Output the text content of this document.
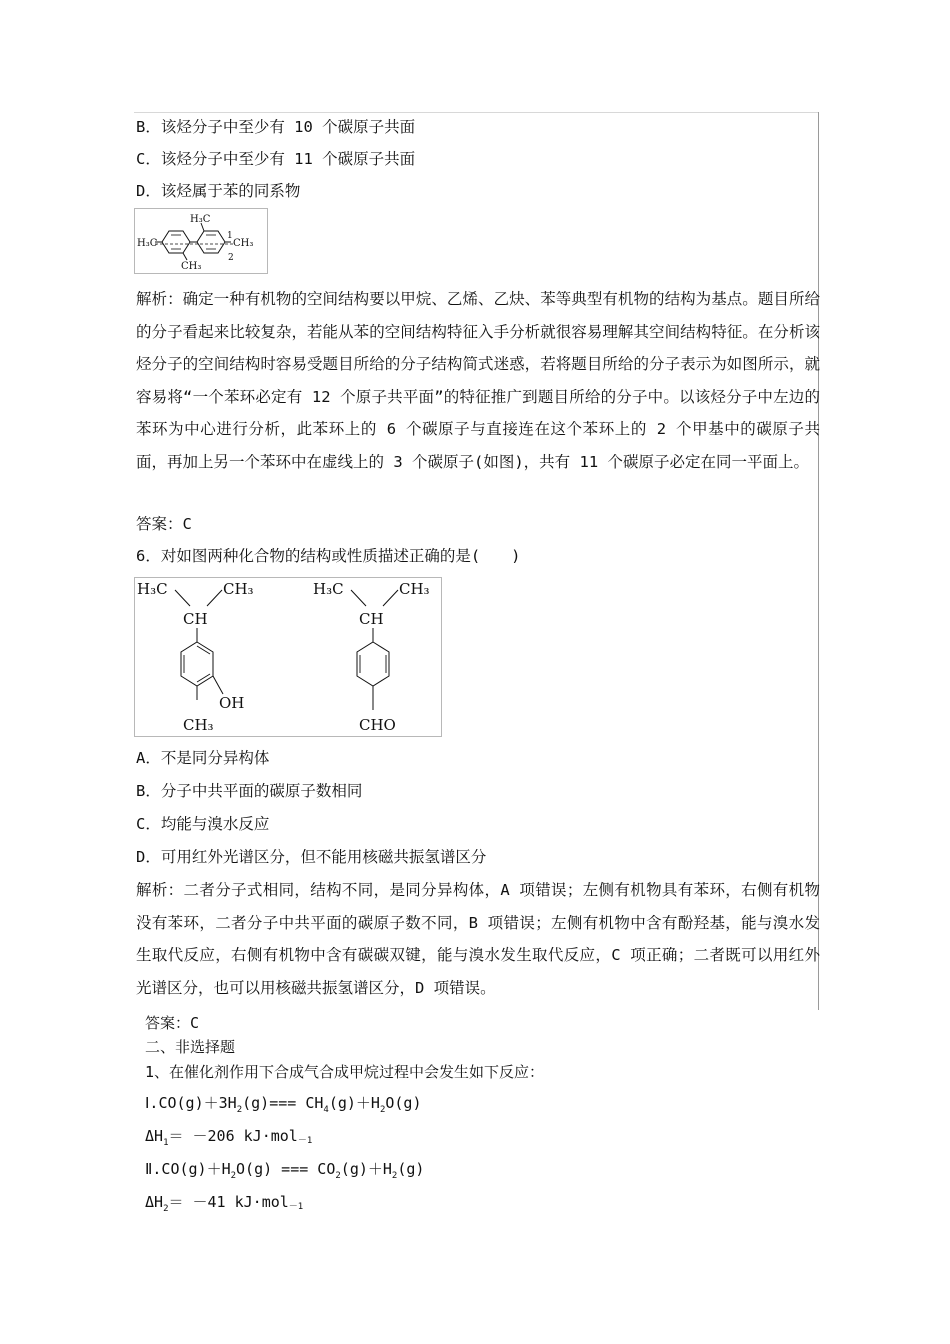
B．该烃分子中至少有 10 个碳原子共面
C．该烃分子中至少有 11 个碳原子共面
D．该烃属于苯的同系物
H₃C
H₃C
CH₃
CH₃
1
2
解析：确定一种有机物的空间结构要以甲烷、乙烯、乙炔、苯等典型有机物的结构为基点。题目所给的分子看起来比较复杂，若能从苯的空间结构特征入手分析就很容易理解其空间结构特征。在分析该烃分子的空间结构时容易受题目所给的分子结构简式迷惑，若将题目所给的分子表示为如图所示，就容易将“一个苯环必定有 12 个原子共平面”的特征推广到题目所给的分子中。以该烃分子中左边的苯环为中心进行分析，此苯环上的 6 个碳原子与直接连在这个苯环上的 2 个甲基中的碳原子共面，再加上另一个苯环中在虚线上的 3 个碳原子(如图)，共有 11 个碳原子必定在同一平面上。
答案：C
6．对如图两种化合物的结构或性质描述正确的是(　　)
H₃C	CH₃
CH
OH
CH₃
H₃C	CH₃
CH
CHO
A．不是同分异构体
B．分子中共平面的碳原子数相同
C．均能与溴水反应
D．可用红外光谱区分，但不能用核磁共振氢谱区分
解析：二者分子式相同，结构不同，是同分异构体，A 项错误；左侧有机物具有苯环，右侧有机物没有苯环，二者分子中共平面的碳原子数不同，B 项错误；左侧有机物中含有酚羟基，能与溴水发生取代反应，右侧有机物中含有碳碳双键，能与溴水发生取代反应，C 项正确；二者既可以用红外光谱区分，也可以用核磁共振氢谱区分，D 项错误。
答案：C
二、非选择题
1、在催化剂作用下合成气合成甲烷过程中会发生如下反应：
$Ⅰ.CO(g)+3H_2(g)=== CH_4(g)+H_2O(g)$
$\Delta H_1= -206$ kJ·mol$^{-1}$
$Ⅱ.CO(g)+H_2O(g)$ === $CO_2(g)+H_2(g)$
$\Delta H_2= -41$ kJ·mol$^{-1}$
